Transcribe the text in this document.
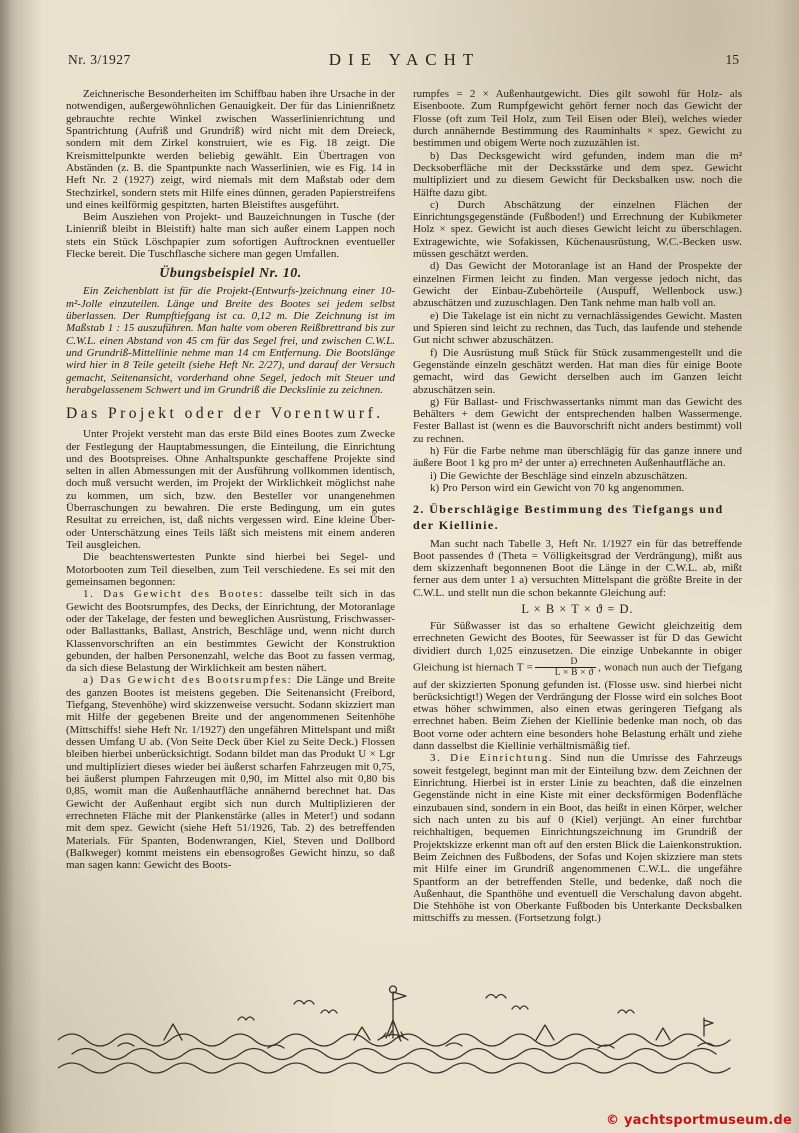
Nr. 3/1927	DIE YACHT	15

Zeichnerische Besonderheiten im Schiffbau haben ihre Ursache in der notwendigen, außergewöhnlichen Genauigkeit. Der für das Linienrißnetz gebrauchte rechte Winkel zwischen Wasserlinienrichtung und Spantrichtung (Aufriß und Grundriß) wird nicht mit dem Dreieck, sondern mit dem Zirkel konstruiert, wie es Fig. 18 zeigt. Die Kreismittelpunkte werden beliebig gewählt. Ein Übertragen von Abständen (z. B. die Spantpunkte nach Wasserlinien, wie es Fig. 14 in Heft Nr. 2 (1927) zeigt, wird niemals mit dem Maßstab oder dem Stechzirkel, sondern stets mit Hilfe eines dünnen, geraden Papierstreifens und eines keilförmig gespitzten, harten Bleistiftes ausgeführt.

Beim Ausziehen von Projekt- und Bauzeichnungen in Tusche (der Linienriß bleibt in Bleistift) halte man sich außer einem Lappen noch stets ein Stück Löschpapier zum sofortigen Auftrocknen eventueller Flecke bereit. Die Tuschflasche sichere man gegen Umfallen.

Übungsbeispiel Nr. 10.

Ein Zeichenblatt ist für die Projekt-(Entwurfs-)zeichnung einer 10-m²-Jolle einzuteilen. Länge und Breite des Bootes sei jedem selbst überlassen. Der Rumpftiefgang ist ca. 0,12 m. Die Zeichnung ist im Maßstab 1 : 15 auszuführen. Man halte vom oberen Reißbrettrand bis zur C.W.L. einen Abstand von 45 cm für das Segel frei, und zwischen C.W.L. und Grundriß-Mittellinie nehme man 14 cm Entfernung. Die Bootslänge wird hier in 8 Teile geteilt (siehe Heft Nr. 2/27), und darauf der Versuch gemacht, Seitenansicht, vorderhand ohne Segel, jedoch mit Steuer und herabgelassenem Schwert und im Grundriß die Deckslinie zu zeichnen.

Das Projekt oder der Vorentwurf.

Unter Projekt versteht man das erste Bild eines Bootes zum Zwecke der Festlegung der Hauptabmessungen, die Einteilung, die Einrichtung und des Bootspreises. Ohne Anhaltspunkte geschaffene Projekte sind selten in allen Abmessungen mit der Ausführung vollkommen identisch, doch muß versucht werden, im Projekt der Wirklichkeit möglichst nahe zu kommen, um sich, bzw. den Besteller vor unangenehmen Überraschungen zu bewahren. Die erste Bedingung, um ein gutes Resultat zu erreichen, ist, daß nichts vergessen wird. Eine kleine Über- oder Unterschätzung eines Teils läßt sich meistens mit einem anderen Teil ausgleichen.

Die beachtenswertesten Punkte sind hierbei bei Segel- und Motorbooten zum Teil dieselben, zum Teil verschiedene. Es sei mit den gemeinsamen begonnen:

1. Das Gewicht des Bootes: dasselbe teilt sich in das Gewicht des Bootsrumpfes, des Decks, der Einrichtung, der Motoranlage oder der Takelage, der festen und beweglichen Ausrüstung, Frischwasser- oder Ballasttanks, Ballast, Anstrich, Beschläge und, wenn nicht durch Klassenvorschriften an ein bestimmtes Gewicht der Konstruktion gebunden, der halben Personenzahl, welche das Boot zu fassen vermag, da sich diese Belastung der Wirklichkeit am besten nähert.

a) Das Gewicht des Bootsrumpfes: Die Länge und Breite des ganzen Bootes ist meistens gegeben. Die Seitenansicht (Freibord, Tiefgang, Stevenhöhe) wird skizzenweise versucht. Sodann skizziert man mit Hilfe der gegebenen Breite und der angenommenen Seitenhöhe (Mittschiffs! siehe Heft Nr. 1/1927) den ungefähren Mittelspant und mißt dessen Umfang U ab. (Von Seite Deck über Kiel zu Seite Deck.) Flossen bleiben hierbei unberücksichtigt. Sodann bildet man das Produkt U × Lgr und multipliziert dieses wieder bei äußerst scharfen Fahrzeugen mit 0,75, bei äußerst plumpen Fahrzeugen mit 0,90, im Mittel also mit 0,80 bis 0,85, womit man die Außenhautfläche annähernd berechnet hat. Das Gewicht der Außenhaut ergibt sich nun durch Multiplizieren der errechneten Fläche mit der Plankenstärke (alles in Meter!) und sodann mit dem spez. Gewicht (siehe Heft 51/1926, Tab. 2) des betreffenden Materials. Für Spanten, Bodenwrangen, Kiel, Steven und Dollbord (Balkweger) kommt meistens ein ebensogroßes Gewicht hinzu, so daß man sagen kann: Gewicht des Boots-

rumpfes = 2 × Außenhautgewicht. Dies gilt sowohl für Holz- als Eisenboote. Zum Rumpfgewicht gehört ferner noch das Gewicht der Flosse (oft zum Teil Holz, zum Teil Eisen oder Blei), welches wieder durch annähernde Bestimmung des Rauminhalts × spez. Gewicht zu bestimmen und obigem Werte noch zuzuzählen ist.

b) Das Decksgewicht wird gefunden, indem man die m² Decksoberfläche mit der Decksstärke und dem spez. Gewicht multipliziert und zu diesem Gewicht für Decksbalken usw. noch die Hälfte dazu gibt.

c) Durch Abschätzung der einzelnen Flächen der Einrichtungsgegenstände (Fußboden!) und Errechnung der Kubikmeter Holz × spez. Gewicht ist auch dieses Gewicht leicht zu überschlagen. Extragewichte, wie Sofakissen, Küchenausrüstung, W.C.-Becken usw. müssen geschätzt werden.

d) Das Gewicht der Motoranlage ist an Hand der Prospekte der einzelnen Firmen leicht zu finden. Man vergesse jedoch nicht, das Gewicht der Einbau-Zubehörteile (Auspuff, Wellenbock usw.) abzuschätzen und zuzuschlagen. Den Tank nehme man halb voll an.

e) Die Takelage ist ein nicht zu vernachlässigendes Gewicht. Masten und Spieren sind leicht zu rechnen, das Tuch, das laufende und stehende Gut nicht schwer abzuschätzen.

f) Die Ausrüstung muß Stück für Stück zusammengestellt und die Gegenstände einzeln geschätzt werden. Hat man dies für einige Boote gemacht, wird das Gewicht derselben auch im Ganzen leicht abzuschätzen sein.

g) Für Ballast- und Frischwassertanks nimmt man das Gewicht des Behälters + dem Gewicht der entsprechenden halben Wassermenge. Fester Ballast ist (wenn es die Bauvorschrift nicht anders bestimmt) voll zu rechnen.

h) Für die Farbe nehme man überschlägig für das ganze innere und äußere Boot 1 kg pro m² der unter a) errechneten Außenhautfläche an.

i) Die Gewichte der Beschläge sind einzeln abzuschätzen.

k) Pro Person wird ein Gewicht von 70 kg angenommen.

2. Überschlägige Bestimmung des Tiefgangs und der Kiellinie.

Man sucht nach Tabelle 3, Heft Nr. 1/1927 ein für das betreffende Boot passendes ϑ (Theta = Völligkeitsgrad der Verdrängung), mißt aus dem skizzenhaft begonnenen Boot die Länge in der C.W.L. ab, mißt ferner aus dem unter 1 a) versuchten Mittelspant die größte Breite in der C.W.L. und stellt nun die schon bekannte Gleichung auf:

L × B × T × ϑ = D.

Für Süßwasser ist das so erhaltene Gewicht gleichzeitig dem errechneten Gewicht des Bootes, für Seewasser ist für D das Gewicht dividiert durch 1,025 einzusetzen. Die einzige Unbekannte in obiger Gleichung ist hiernach $T = \frac{D}{L \times B \times ϑ}$ , wonach nun auch der Tiefgang auf der skizzierten Sponung gefunden ist. (Flosse usw. sind hierbei nicht berücksichtigt!) Wegen der Verdrängung der Flosse wird ein solches Boot etwas höher schwimmen, also einen etwas geringeren Tiefgang als errechnet haben. Beim Ziehen der Kiellinie bedenke man noch, ob das Boot vorne oder achtern eine besonders hohe Belastung erhält und ziehe dann dasselbst die Kiellinie verhältnismäßig tief.

3. Die Einrichtung. Sind nun die Umrisse des Fahrzeugs soweit festgelegt, beginnt man mit der Einteilung bzw. dem Zeichnen der Einrichtung. Hierbei ist in erster Linie zu beachten, daß die einzelnen Gegenstände nicht in eine Kiste mit einer decksförmigen Bodenfläche einzubauen sind, sondern in ein Boot, das heißt in einen Körper, welcher sich nach unten zu bis auf 0 (Kiel) verjüngt. An einer furchtbar reichhaltigen, bequemen Einrichtungszeichnung im Grundriß der Projektskizze erkennt man oft auf den ersten Blick die Laienkonstruktion. Beim Zeichnen des Fußbodens, der Sofas und Kojen skizziere man stets mit Hilfe einer im Grundriß angenommenen C.W.L. die ungefähre Spantform an der betreffenden Stelle, und bedenke, daß noch die Außenhaut, die Spanthöhe und eventuell die Verschalung davon abgeht. Die Stehhöhe ist von Oberkante Fußboden bis Unterkante Decksbalken mittschiffs zu messen. (Fortsetzung folgt.)

© yachtsportmuseum.de
